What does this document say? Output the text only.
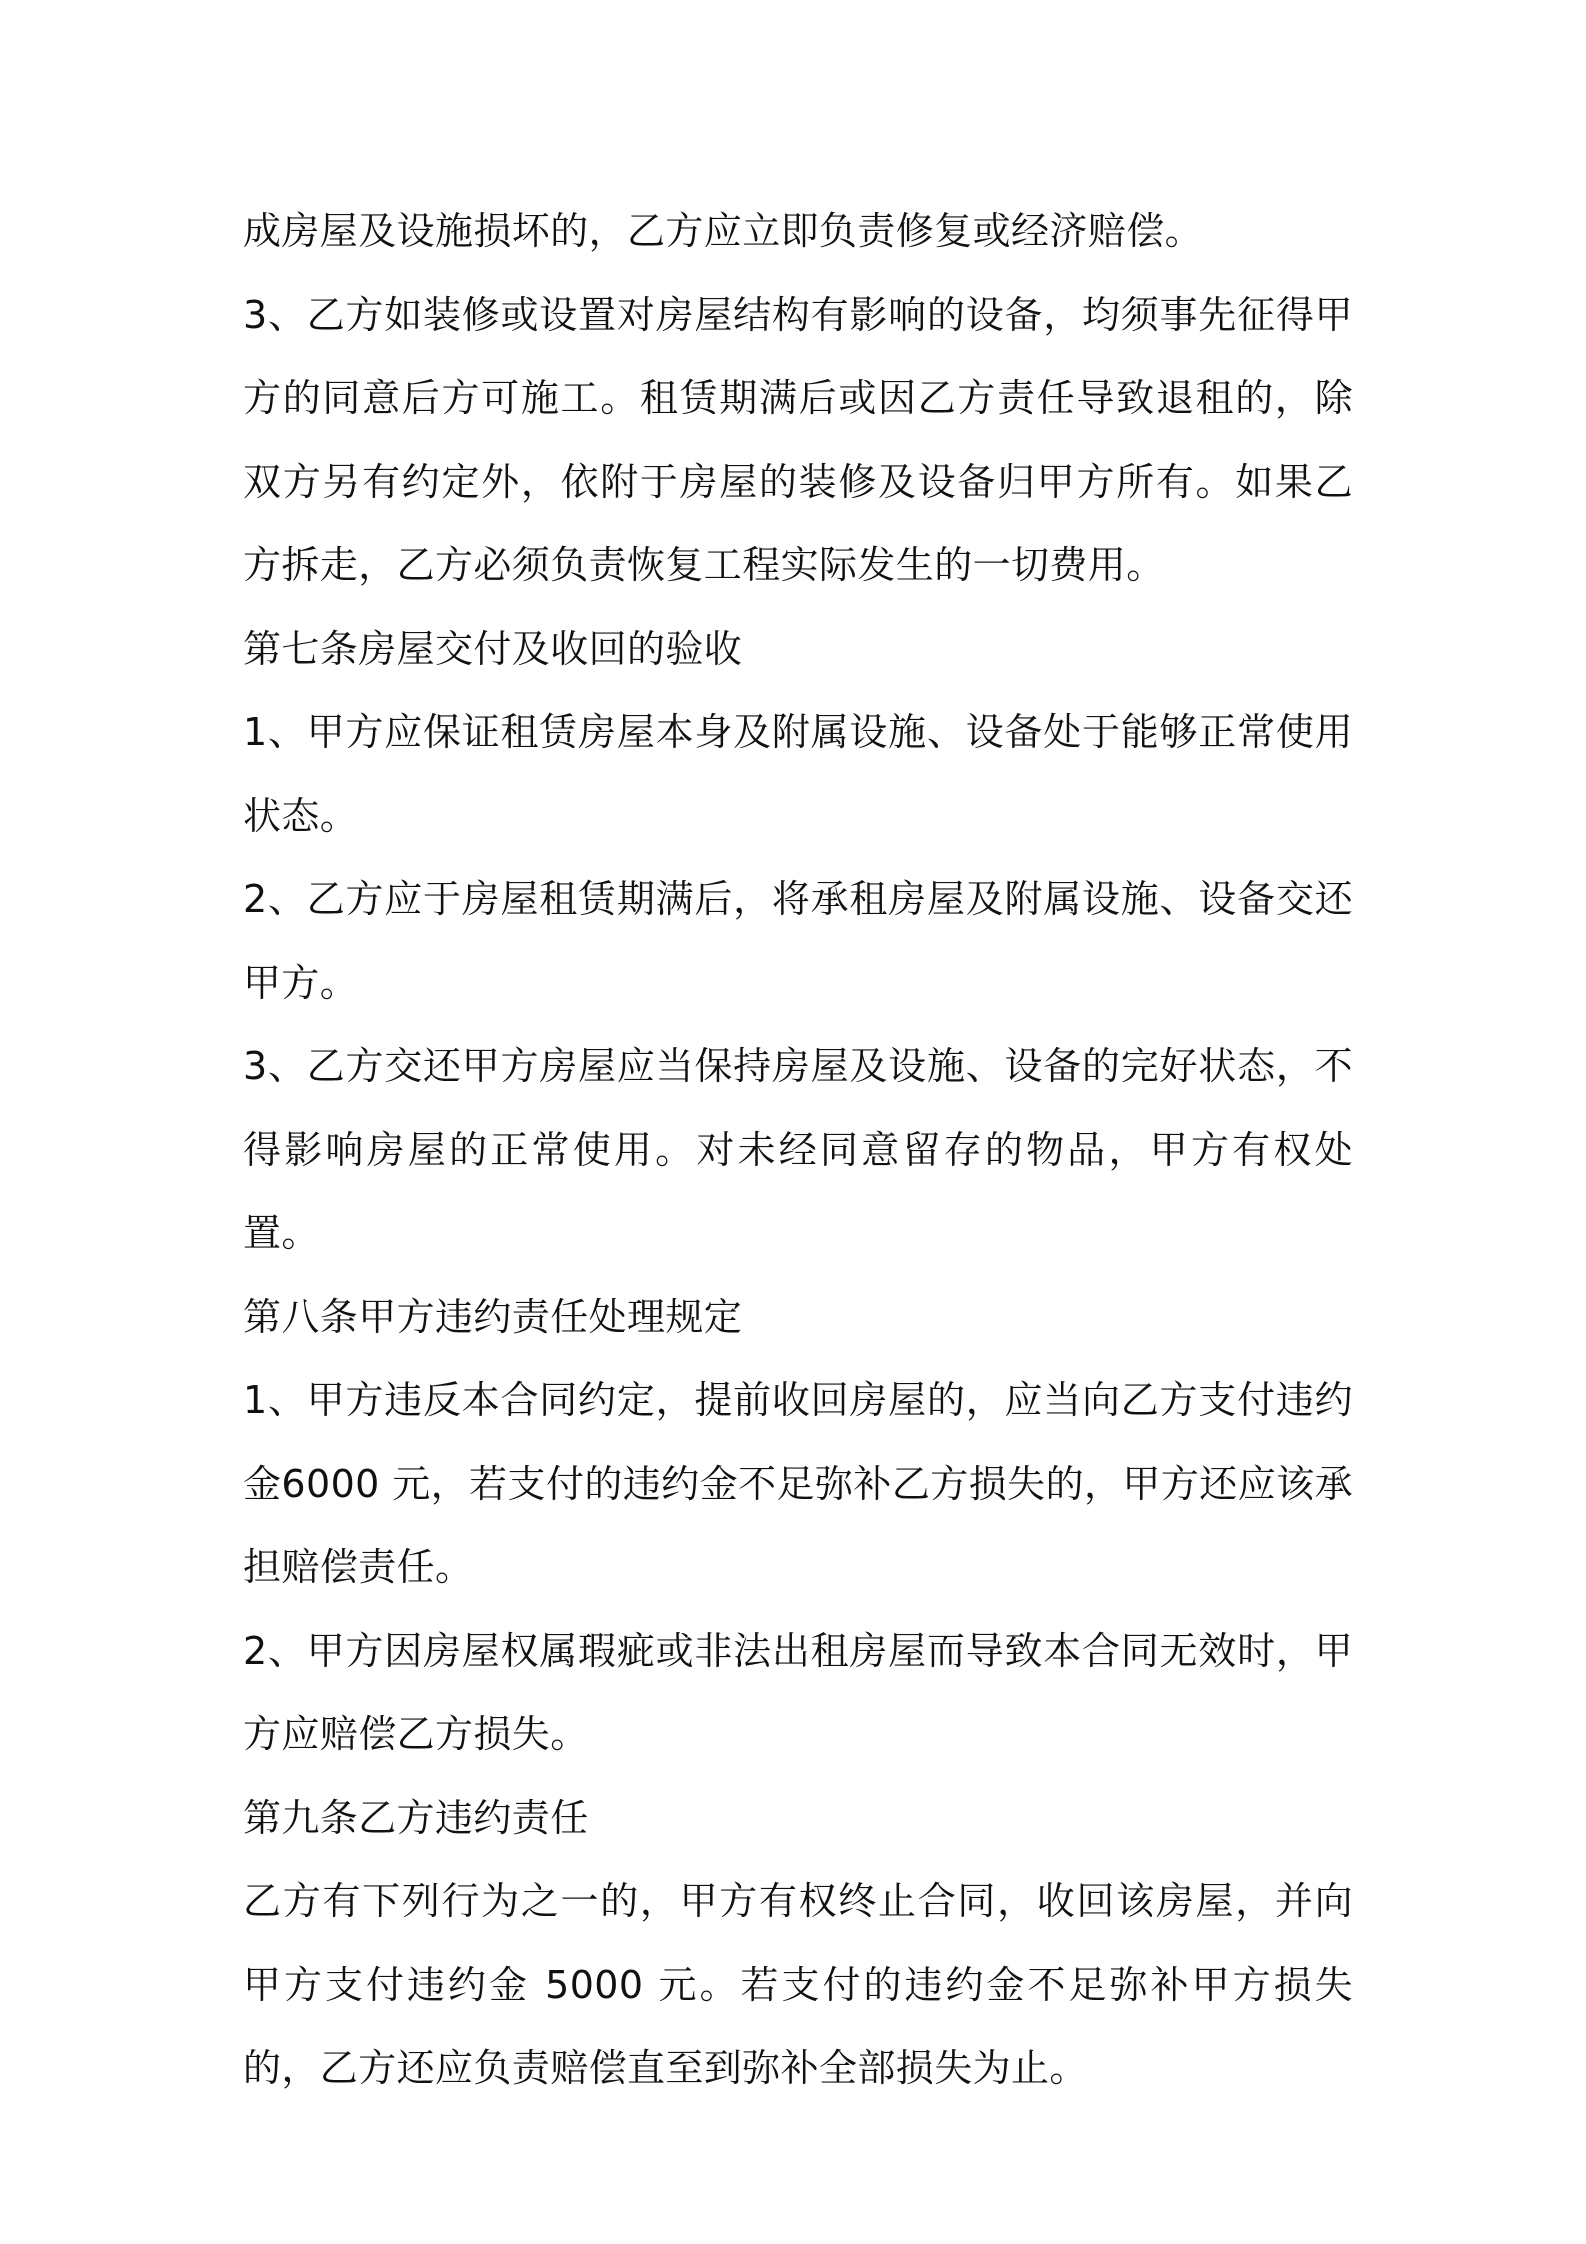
成房屋及设施损坏的，乙方应立即负责修复或经济赔偿。

3、乙方如装修或设置对房屋结构有影响的设备，均须事先征得甲方的同意后方可施工。租赁期满后或因乙方责任导致退租的，除双方另有约定外，依附于房屋的装修及设备归甲方所有。如果乙方拆走，乙方必须负责恢复工程实际发生的一切费用。

第七条房屋交付及收回的验收

1、甲方应保证租赁房屋本身及附属设施、设备处于能够正常使用状态。

2、乙方应于房屋租赁期满后，将承租房屋及附属设施、设备交还甲方。

3、乙方交还甲方房屋应当保持房屋及设施、设备的完好状态，不得影响房屋的正常使用。对未经同意留存的物品，甲方有权处置。

第八条甲方违约责任处理规定

1、甲方违反本合同约定，提前收回房屋的，应当向乙方支付违约金6000 元，若支付的违约金不足弥补乙方损失的，甲方还应该承担赔偿责任。

2、甲方因房屋权属瑕疵或非法出租房屋而导致本合同无效时，甲方应赔偿乙方损失。

第九条乙方违约责任

乙方有下列行为之一的，甲方有权终止合同，收回该房屋，并向甲方支付违约金 5000 元。若支付的违约金不足弥补甲方损失的，乙方还应负责赔偿直至到弥补全部损失为止。
